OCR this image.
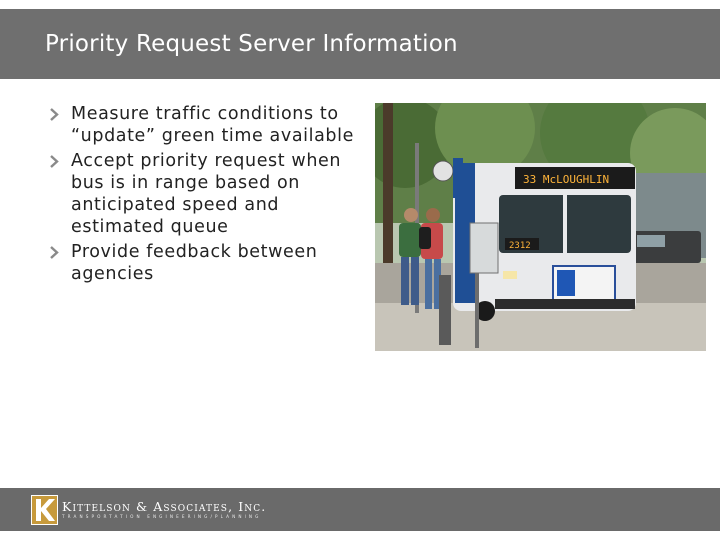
Priority Request Server Information
Measure traffic conditions to “update” green time available
Accept priority request when bus is in range based on anticipated speed and estimated queue
Provide feedback between agencies
33 McLOUGHLIN
2312
Kittelson & Associates, Inc.
TRANSPORTATION ENGINEERING/PLANNING
